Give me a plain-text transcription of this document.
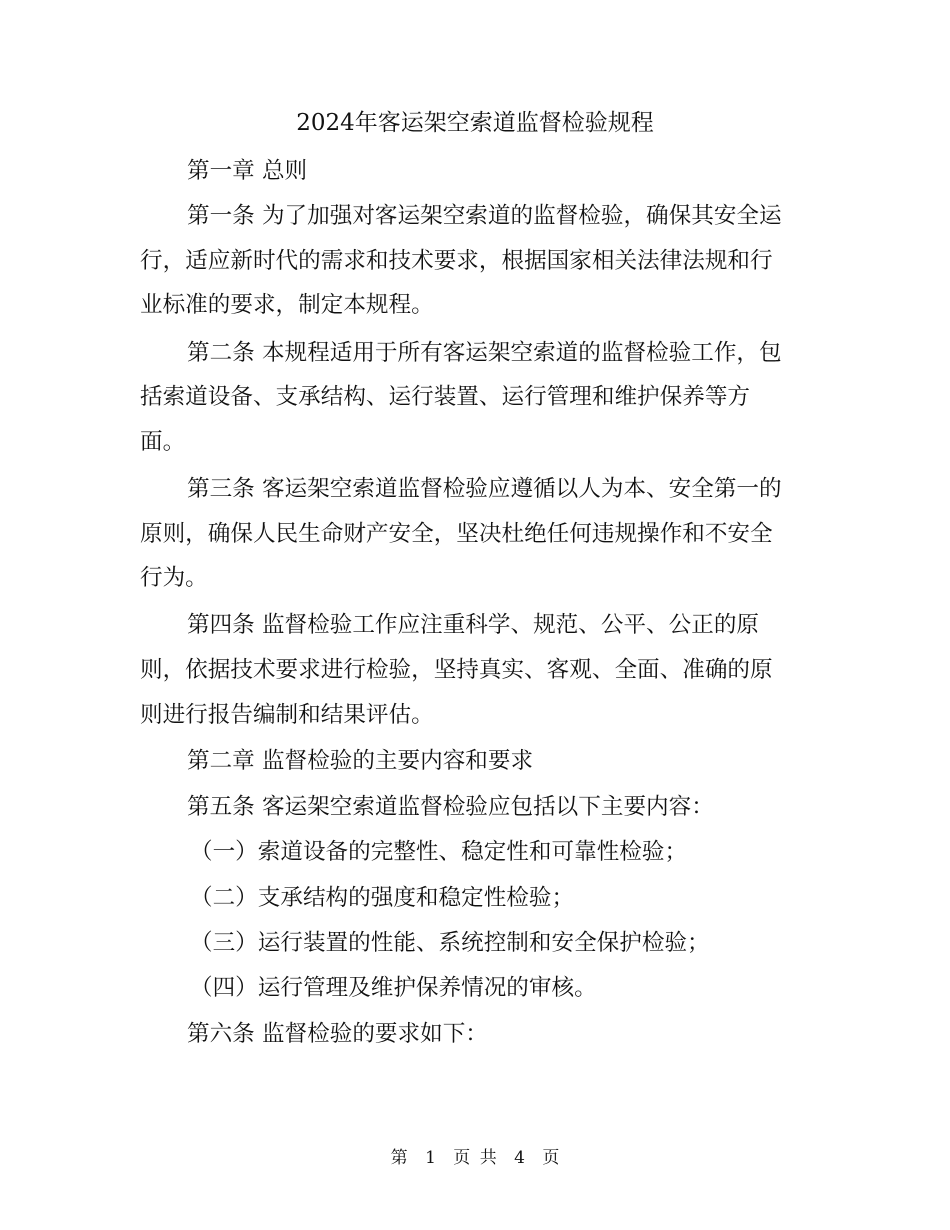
2024年客运架空索道监督检验规程
第一章 总则
第一条 为了加强对客运架空索道的监督检验，确保其安全运
行，适应新时代的需求和技术要求，根据国家相关法律法规和行
业标准的要求，制定本规程。
第二条 本规程适用于所有客运架空索道的监督检验工作，包
括索道设备、支承结构、运行装置、运行管理和维护保养等方
面。
第三条 客运架空索道监督检验应遵循以人为本、安全第一的
原则，确保人民生命财产安全，坚决杜绝任何违规操作和不安全
行为。
第四条 监督检验工作应注重科学、规范、公平、公正的原
则，依据技术要求进行检验，坚持真实、客观、全面、准确的原
则进行报告编制和结果评估。
第二章 监督检验的主要内容和要求
第五条 客运架空索道监督检验应包括以下主要内容：
（一）索道设备的完整性、稳定性和可靠性检验；
（二）支承结构的强度和稳定性检验；
（三）运行装置的性能、系统控制和安全保护检验；
（四）运行管理及维护保养情况的审核。
第六条 监督检验的要求如下：
第 1 页 共 4 页
